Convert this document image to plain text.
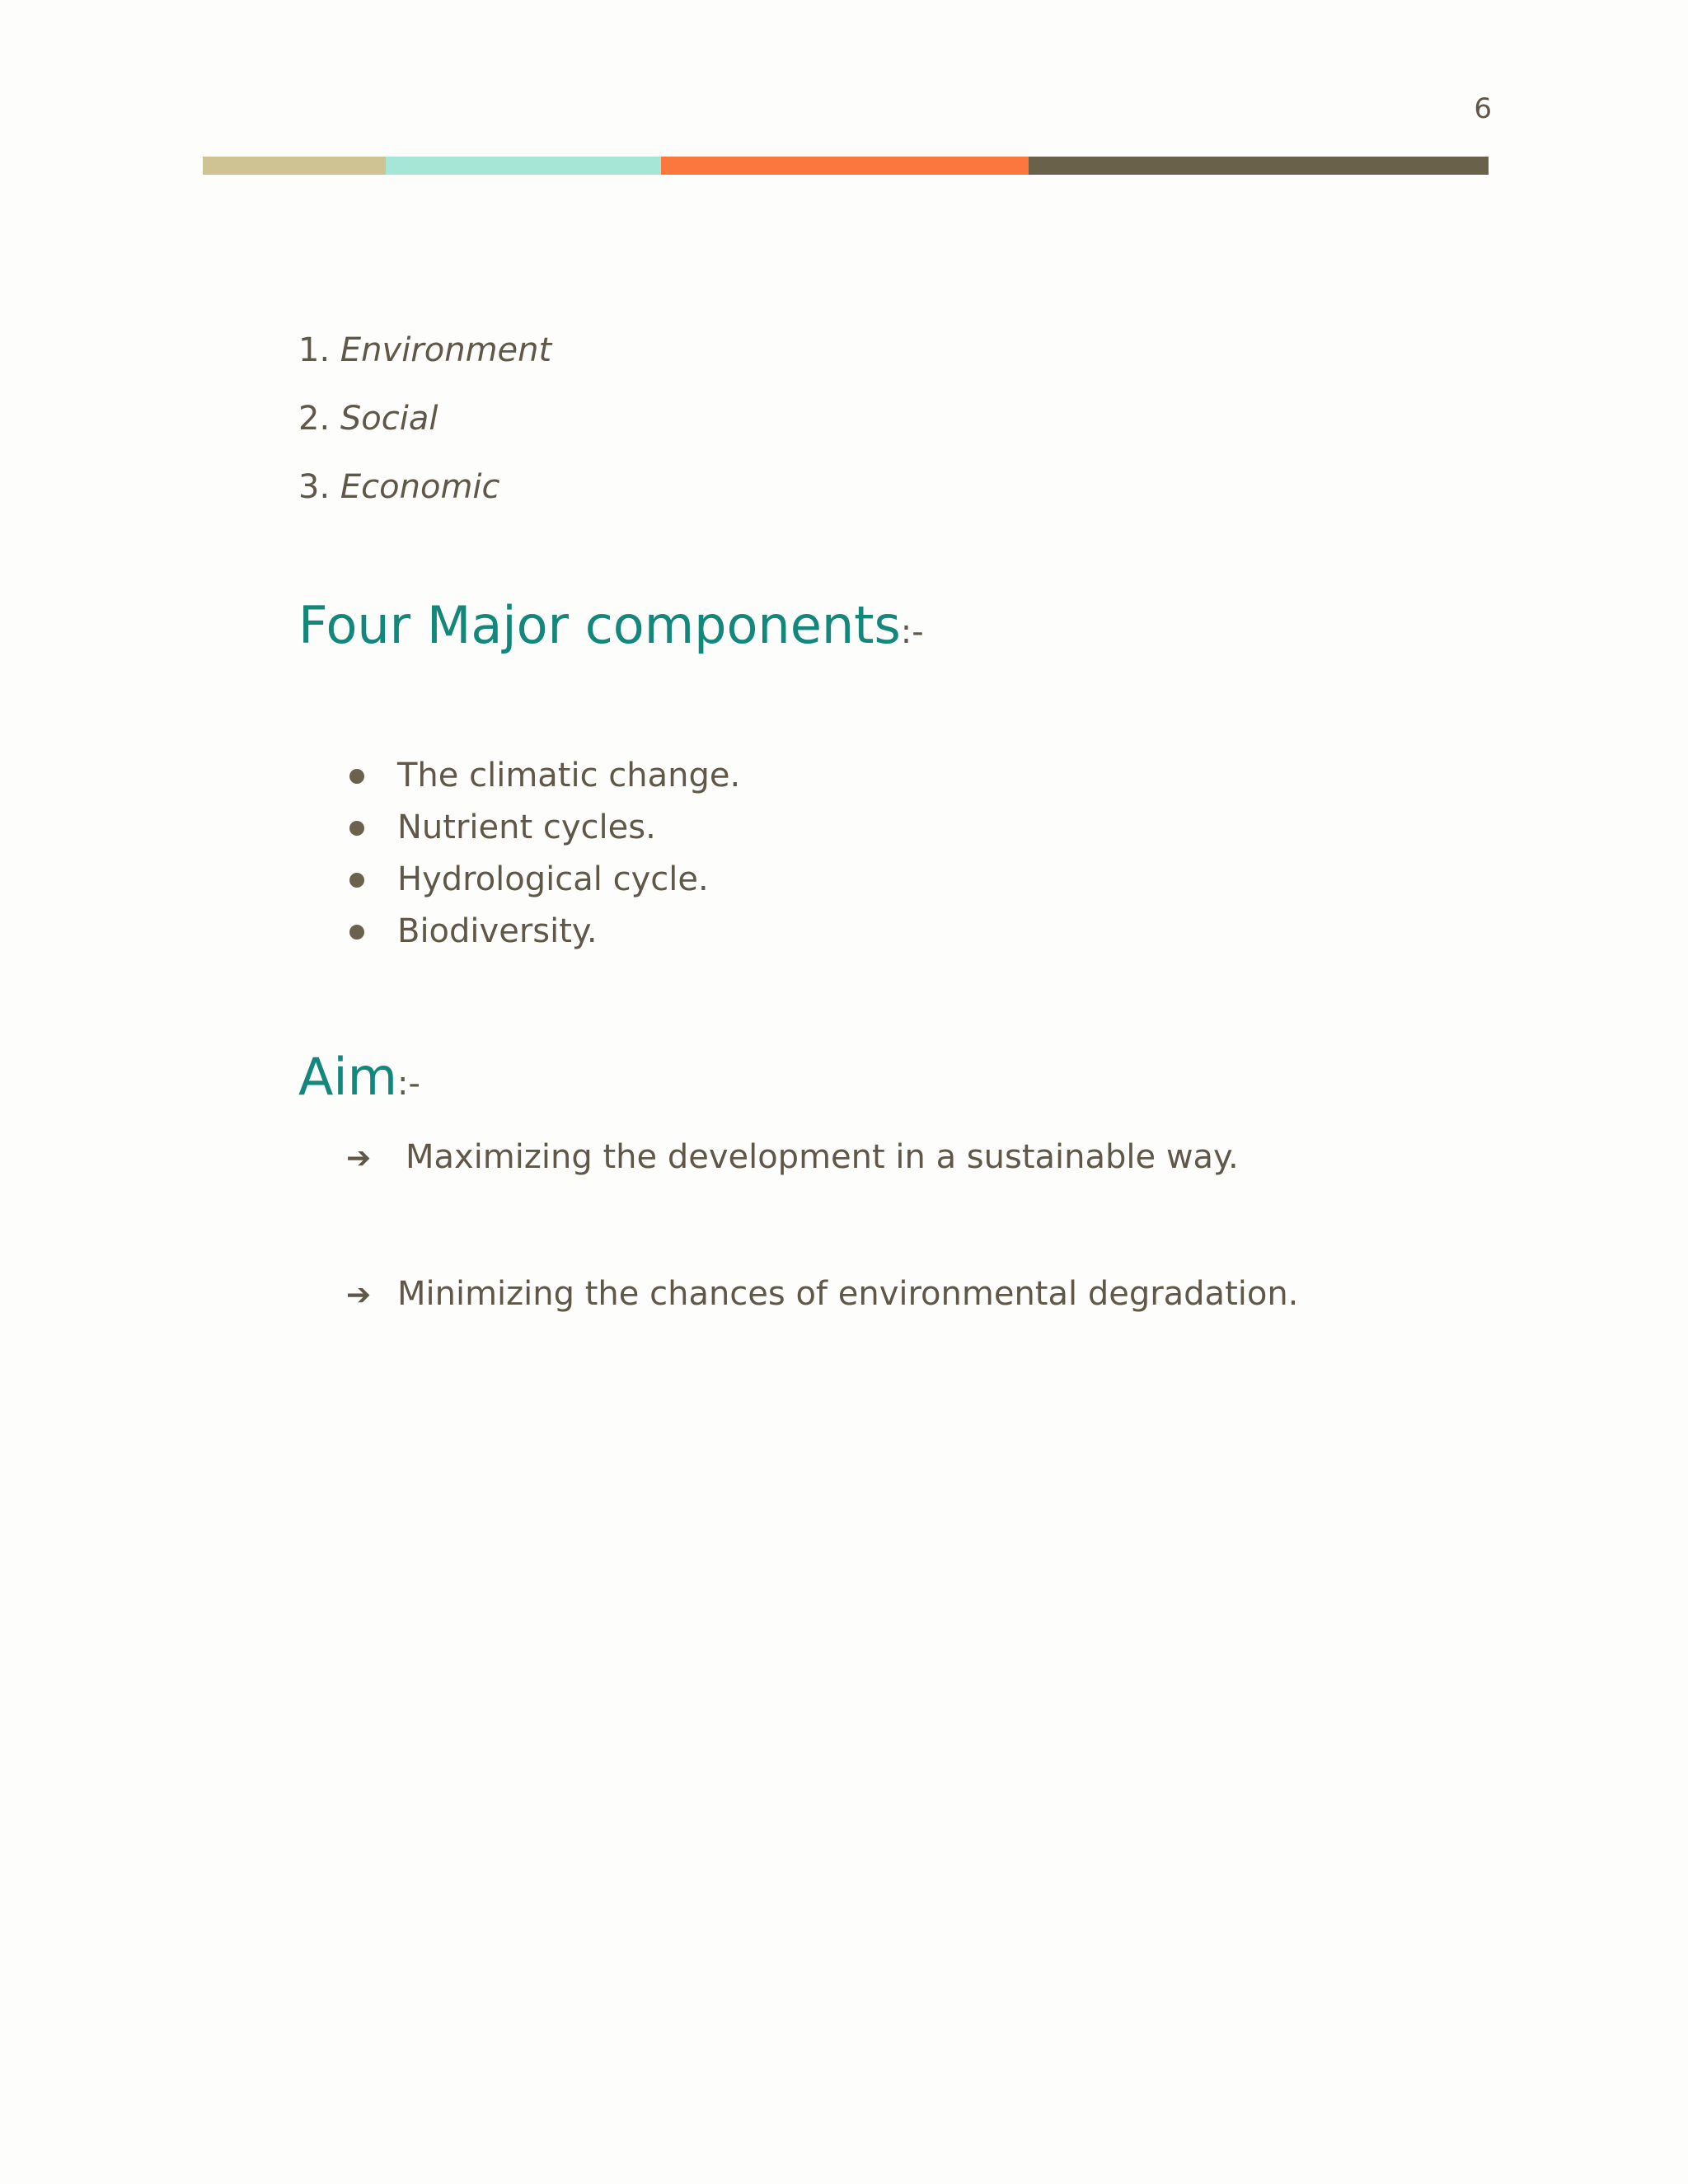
6
1. Environment
2. Social
3. Economic
Four Major components:-
The climatic change.
Nutrient cycles.
Hydrological cycle.
Biodiversity.
Aim:-
➔ Maximizing the development in a sustainable way.
➔ Minimizing the chances of environmental degradation.
